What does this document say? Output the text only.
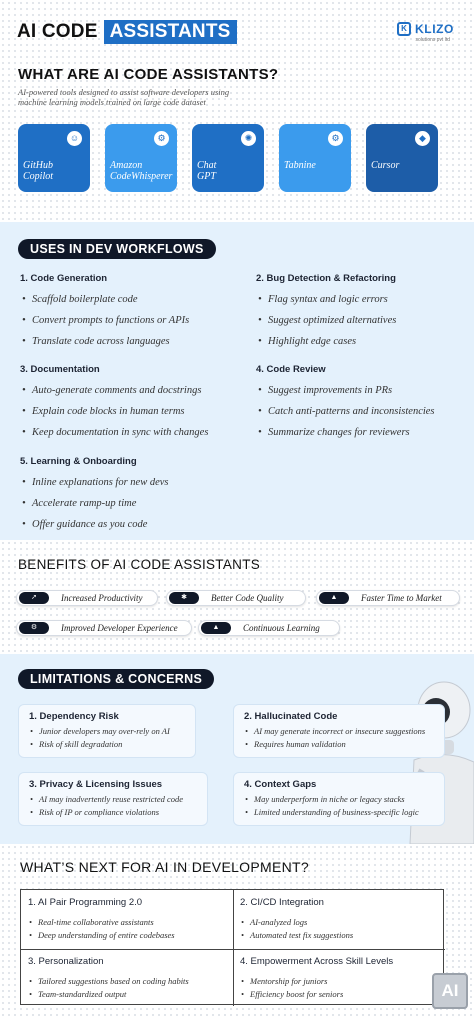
AI CODE ASSISTANTS	K KLIZO
solutions pvt ltd
WHAT ARE AI CODE ASSISTANTS?
AI-powered tools designed to assist software developers using machine learning models trained on large code dataset
☺
GitHub
Copilot
⚙
Amazon
CodeWhisperer
✺
Chat
GPT
⚙
Tabnine
◆
Cursor
USES IN DEV WORKFLOWS
1. Code Generation
• Scaffold boilerplate code
• Convert prompts to functions or APIs
• Translate code across languages
2. Bug Detection & Refactoring
• Flag syntax and logic errors
• Suggest optimized alternatives
• Highlight edge cases
3. Documentation
• Auto-generate comments and docstrings
• Explain code blocks in human terms
• Keep documentation in sync with changes
4. Code Review
• Suggest improvements in PRs
• Catch anti-patterns and inconsistencies
• Summarize changes for reviewers
5. Learning & Onboarding
• Inline explanations for new devs
• Accelerate ramp-up time
• Offer guidance as you code
BENEFITS OF AI CODE ASSISTANTS
➚	Increased Productivity	✱	Better Code Quality	▲	Faster Time to Market
⚙	Improved Developer Experience	▲	Continuous Learning
LIMITATIONS & CONCERNS
1. Dependency Risk
• Junior developers may over-rely on AI
• Risk of skill degradation
2. Hallucinated Code
• AI may generate incorrect or insecure suggestions
• Requires human validation
3. Privacy & Licensing Issues
• AI may inadvertently reuse restricted code
• Risk of IP or compliance violations
4. Context Gaps
• May underperform in niche or legacy stacks
• Limited understanding of business-specific logic
WHAT’S NEXT FOR AI IN DEVELOPMENT?
1. AI Pair Programming 2.0
• Real-time collaborative assistants
• Deep understanding of entire codebases
2. CI/CD Integration
• AI-analyzed logs
• Automated test fix suggestions
3. Personalization
• Tailored suggestions based on coding habits
• Team-standardized output
4. Empowerment Across Skill Levels
• Mentorship for juniors
• Efficiency boost for seniors	AI
